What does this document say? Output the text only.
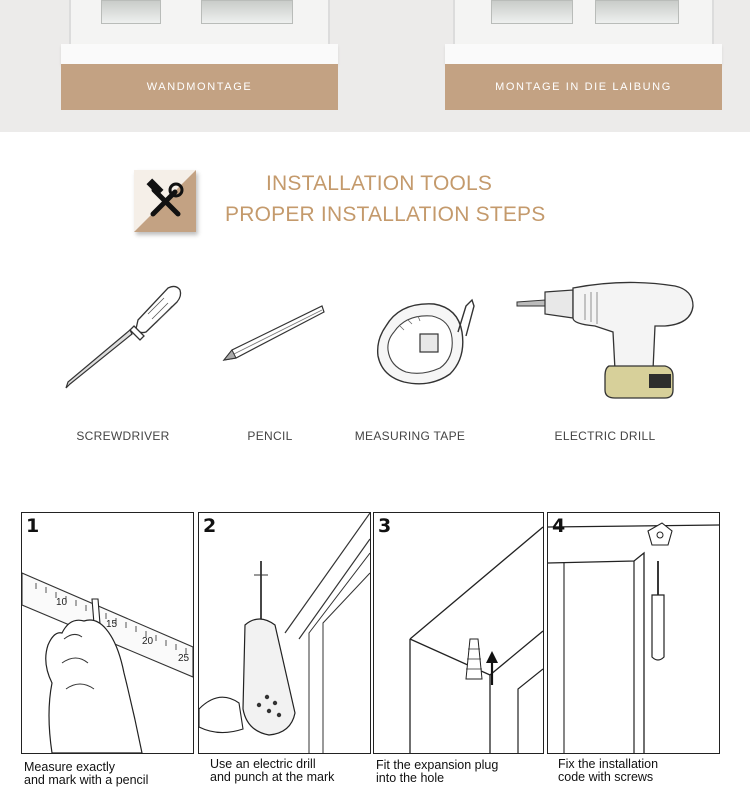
WANDMONTAGE	MONTAGE IN DIE LAIBUNG
INSTALLATION TOOLS
PROPER INSTALLATION STEPS
SCREWDRIVER	PENCIL	MEASURING TAPE	ELECTRIC DRILL
10
15
20
25
1	2	3	4
Measure exactly
and mark with a pencil
Use an electric drill
and punch at the mark
Fit the expansion plug
into the hole
Fix the installation
code with screws
